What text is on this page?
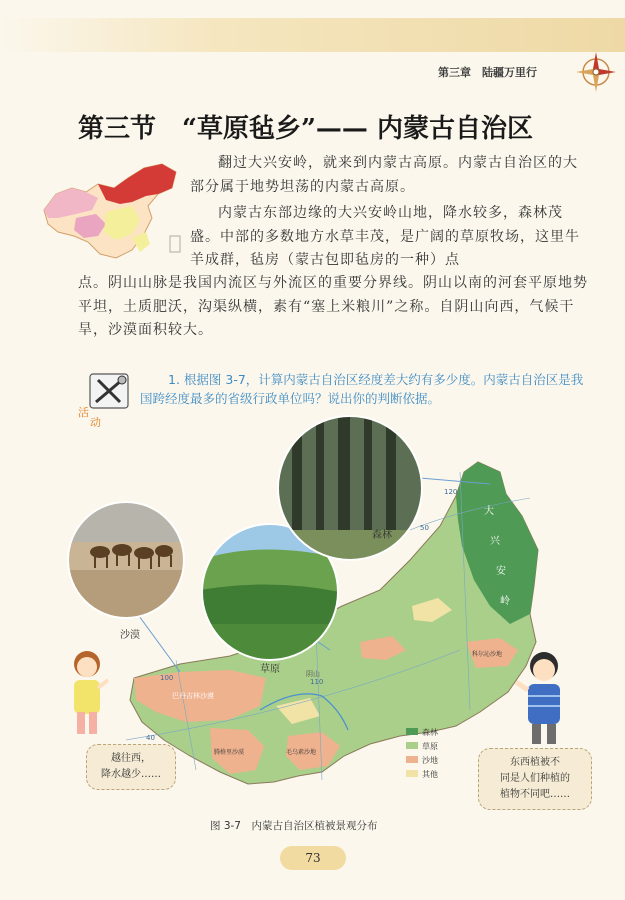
第三章　陆疆万里行
第三节　“草原毡乡”—— 内蒙古自治区
翻过大兴安岭，就来到内蒙古高原。内蒙古自治区的大部分属于地势坦荡的内蒙古高原。
内蒙古东部边缘的大兴安岭山地，降水较多，森林茂盛。中部的多数地方水草丰茂，是广阔的草原牧场，这里牛羊成群，毡房（蒙古包即毡房的一种）点
点。阴山山脉是我国内流区与外流区的重要分界线。阴山以南的河套平原地势平坦，土质肥沃，沟渠纵横，素有“塞上米粮川”之称。自阴山向西，气候干旱，沙漠面积较大。
活
动
1. 根据图 3-7，计算内蒙古自治区经度差大约有多少度。内蒙古自治区是我国跨经度最多的省级行政单位吗？说出你的判断依据。
100	110
120
40
50
大
兴
安
岭
巴丹吉林沙漠
腾格里沙漠	毛乌素沙地
科尔沁沙地
阴山
森林
草原
沙地
其他
沙漠
草原
森林
越往西，
降水越少……
东西植被不
同是人们种植的
植物不同吧……
图 3-7　内蒙古自治区植被景观分布
73
